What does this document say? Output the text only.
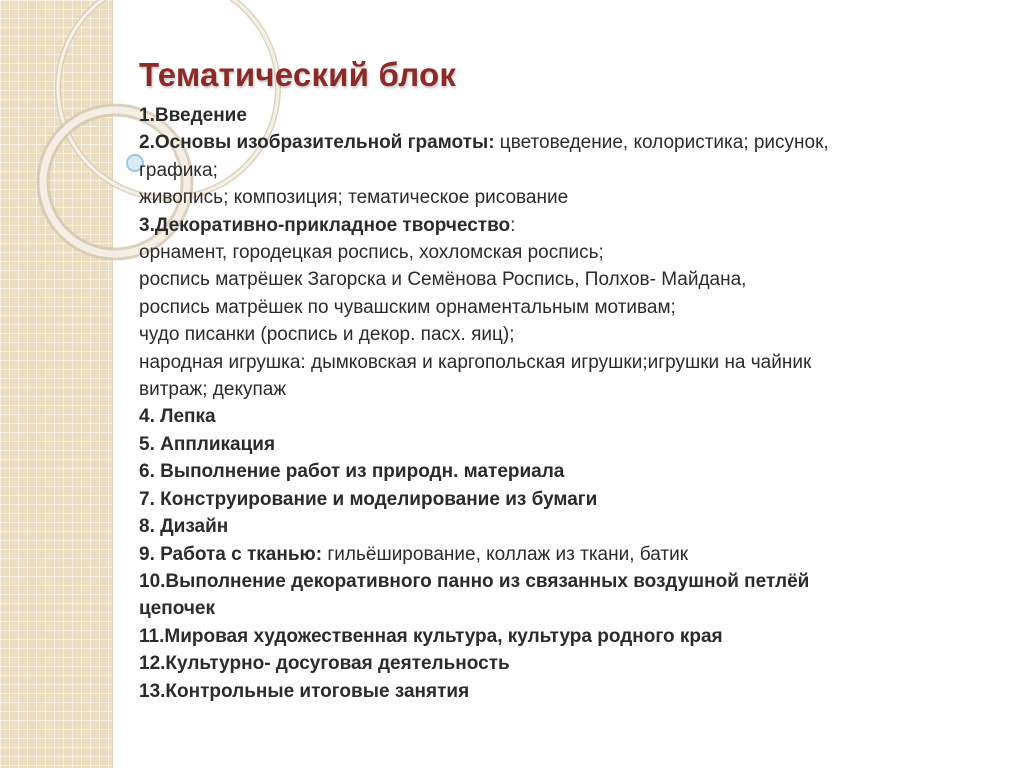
Тематический блок
1.Введение
2.Основы изобразительной грамоты: цветоведение, колористика; рисунок,
графика;
живопись; композиция; тематическое рисование
3.Декоративно-прикладное творчество:
орнамент, городецкая роспись, хохломская роспись;
роспись матрёшек Загорска и Семёнова Роспись, Полхов- Майдана,
роспись матрёшек по чувашским орнаментальным мотивам;
чудо писанки (роспись и декор. пасх. яиц);
народная игрушка: дымковская и каргопольская игрушки;игрушки на чайник
витраж; декупаж
4. Лепка
5. Аппликация
6. Выполнение работ из природн. материала
7. Конструирование и моделирование из бумаги
8. Дизайн
9. Работа с тканью: гильёширование, коллаж из ткани, батик
10.Выполнение декоративного панно из связанных воздушной петлёй
цепочек
11.Мировая художественная культура, культура родного края
12.Культурно- досуговая деятельность
13.Контрольные итоговые занятия
